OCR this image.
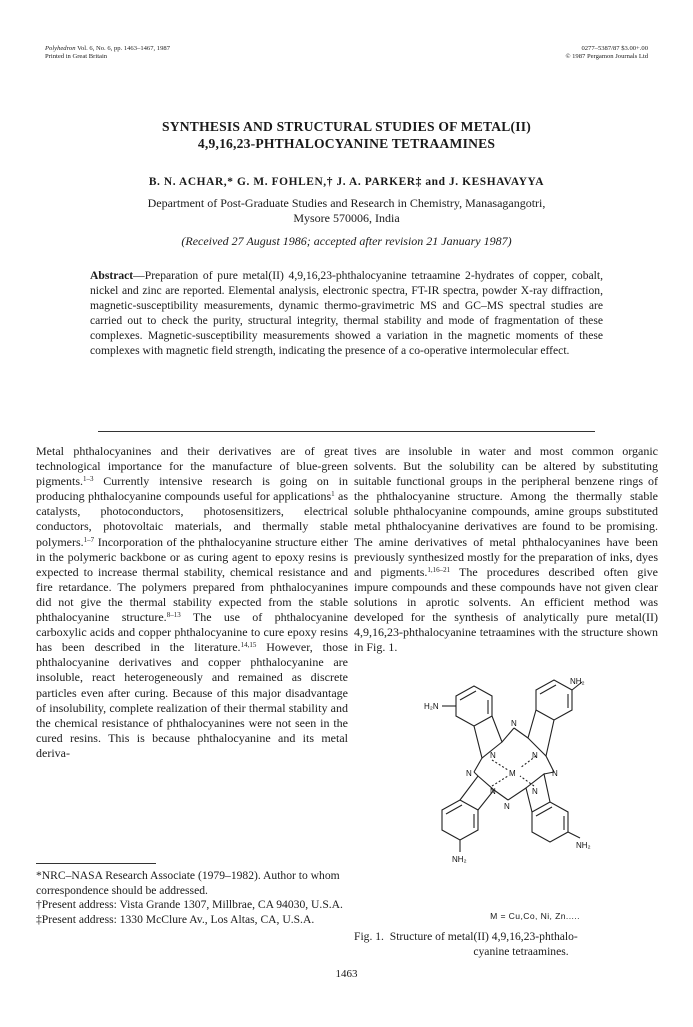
Polyhedron Vol. 6, No. 6, pp. 1463–1467, 1987
Printed in Great Britain
0277–5387/87 $3.00+.00
© 1987 Pergamon Journals Ltd
SYNTHESIS AND STRUCTURAL STUDIES OF METAL(II)
4,9,16,23-PHTHALOCYANINE TETRAAMINES
B. N. ACHAR,* G. M. FOHLEN,† J. A. PARKER‡ and J. KESHAVAYYA
Department of Post-Graduate Studies and Research in Chemistry, Manasagangotri,
Mysore 570006, India
(Received 27 August 1986; accepted after revision 21 January 1987)
Abstract—Preparation of pure metal(II) 4,9,16,23-phthalocyanine tetraamine 2-hydrates of copper, cobalt, nickel and zinc are reported. Elemental analysis, electronic spectra, FT-IR spectra, powder X-ray diffraction, magnetic-susceptibility measurements, dynamic thermo-gravimetric MS and GC–MS spectral studies are carried out to check the purity, structural integrity, thermal stability and mode of fragmentation of these complexes. Magnetic-susceptibility measurements showed a variation in the magnetic moments of these complexes with magnetic field strength, indicating the presence of a co-operative intermolecular effect.

Metal phthalocyanines and their derivatives are of great technological importance for the manufacture of blue-green pigments.$^{1-3}$ Currently intensive research is going on in producing phthalocyanine compounds useful for applications$^1$ as catalysts, photoconductors, photosensitizers, electrical conductors, photovoltaic materials, and thermally stable polymers.$^{1-7}$ Incorporation of the phthalocyanine structure either in the polymeric backbone or as curing agent to epoxy resins is expected to increase thermal stability, chemical resistance and fire retardance. The polymers prepared from phthalocyanines did not give the thermal stability expected from the stable phthalocyanine structure.$^{8-13}$ The use of phthalocyanine carboxylic acids and copper phthalocyanine to cure epoxy resins has been described in the literature.$^{14,15}$ However, those phthalocyanine derivatives and copper phthalocyanine are insoluble, react heterogeneously and remained as discrete particles even after curing. Because of this major disadvantage of insolubility, complete realization of their thermal stability and the chemical resistance of phthalocyanines were not seen in the cured resins. This is because phthalocyanine and its metal deriva-

tives are insoluble in water and most common organic solvents. But the solubility can be altered by substituting suitable functional groups in the peripheral benzene rings of the phthalocyanine structure. Among the thermally stable soluble phthalocyanine compounds, amine groups substituted metal phthalocyanine derivatives are found to be promising. The amine derivatives of metal phthalocyanines have been previously synthesized mostly for the preparation of inks, dyes and pigments.$^{1,16-21}$ The procedures described often give impure compounds and these compounds have not given clear solutions in aprotic solvents. An efficient method was developed for the synthesis of analytically pure metal(II) 4,9,16,23-phthalocyanine tetraamines with the structure shown in Fig. 1.

*NRC–NASA Research Associate (1979–1982). Author to whom correspondence should be addressed.

†Present address: Vista Grande 1307, Millbrae, CA 94030, U.S.A.

‡Present address: 1330 McClure Av., Los Altas, CA, U.S.A.

H₂N
NH₂
NH₂
NH₂
N
N	N
N	N
N	N
N
M
M = Cu,Co, Ni, Zn.....
Fig. 1. Structure of metal(II) 4,9,16,23-phthalo-
cyanine tetraamines.
1463
